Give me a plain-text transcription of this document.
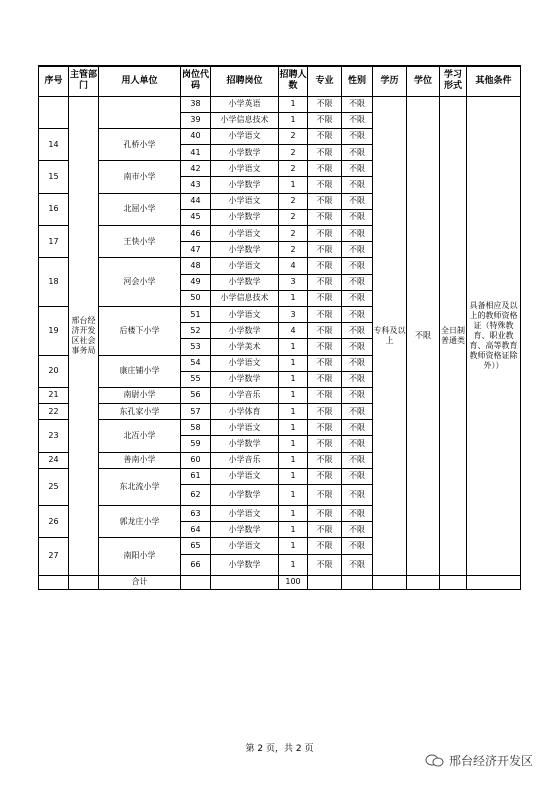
序号	主管部门	用人单位	岗位代码	招聘岗位	招聘人数	专业	性别	学历	学位	学习形式	其他条件
	邢台经济开发区社会事务局		38	小学英语	1	不限	不限	专科及以上	不限	全日制普通类	具备相应及以上的教师资格证（特殊教育、职业教育、高等教育教师资格证除外））
			39	小学信息技术	1	不限	不限				
14		孔桥小学	40	小学语文	2	不限	不限				
			41	小学数学	2	不限	不限				
15		南市小学	42	小学语文	2	不限	不限				
			43	小学数学	1	不限	不限				
16		北屈小学	44	小学语文	2	不限	不限				
			45	小学数学	2	不限	不限				
17		王快小学	46	小学语文	2	不限	不限				
			47	小学数学	2	不限	不限				
18		河会小学	48	小学语文	4	不限	不限				
			49	小学数学	3	不限	不限				
			50	小学信息技术	1	不限	不限				
19		后楼下小学	51	小学语文	3	不限	不限				
			52	小学数学	4	不限	不限				
			53	小学美术	1	不限	不限				
20		康庄铺小学	54	小学语文	1	不限	不限				
			55	小学数学	1	不限	不限				
21		南尉小学	56	小学音乐	1	不限	不限				
22		东孔家小学	57	小学体育	1	不限	不限				
23		北冱小学	58	小学语文	1	不限	不限				
			59	小学数学	1	不限	不限				
24		善南小学	60	小学音乐	1	不限	不限				
25		东北流小学	61	小学语文	1	不限	不限				
			62	小学数学	1	不限	不限				
26		郭龙庄小学	63	小学语文	1	不限	不限				
			64	小学数学	1	不限	不限				
27		南阳小学	65	小学语文	1	不限	不限				
			66	小学数学	1	不限	不限				
		合计			100						
第 2 页，共 2 页
邢台经济开发区
